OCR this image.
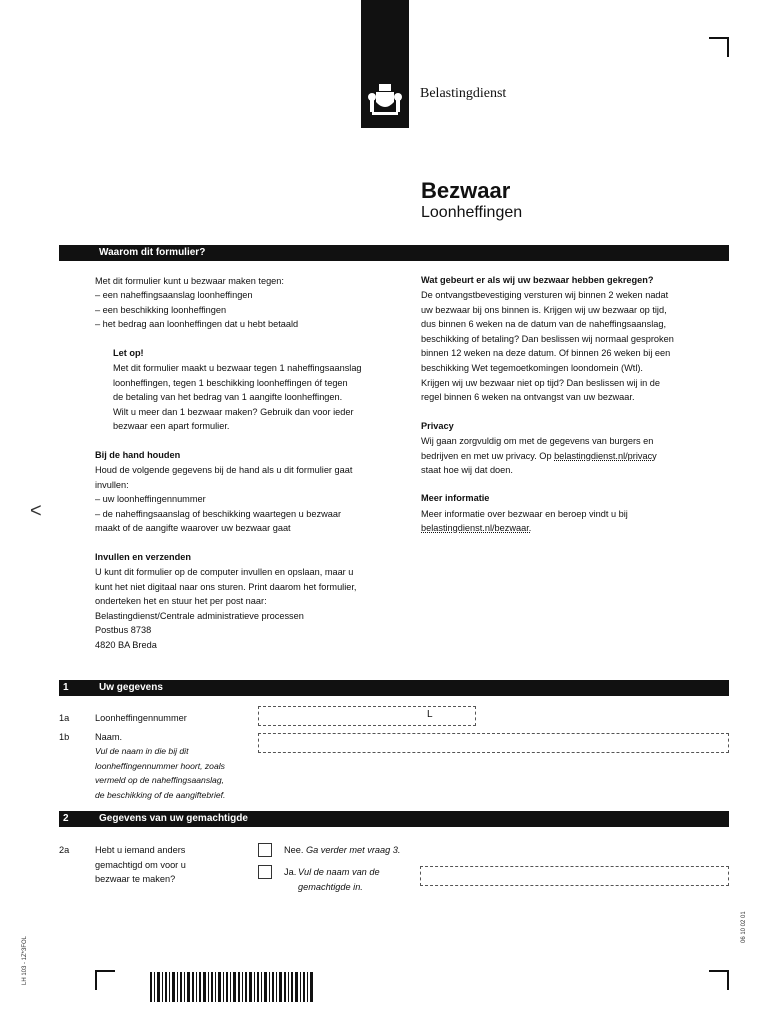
Belastingdienst
<
Bezwaar
Loonheffingen
Waarom dit formulier?
Met dit formulier kunt u bezwaar maken tegen:
– een naheffingsaanslag loonheffingen
– een beschikking loonheffingen
– het bedrag aan loonheffingen dat u hebt betaald
Let op!
Met dit formulier maakt u bezwaar tegen 1 naheffingsaanslag
loonheffingen, tegen 1 beschikking loonheffingen óf tegen
de betaling van het bedrag van 1 aangifte loonheffingen.
Wilt u meer dan 1 bezwaar maken? Gebruik dan voor ieder
bezwaar een apart formulier.
Bij de hand houden
Houd de volgende gegevens bij de hand als u dit formulier gaat
invullen:
– uw loonheffingennummer
– de naheffingsaanslag of beschikking waartegen u bezwaar
maakt of de aangifte waarover uw bezwaar gaat
Invullen en verzenden
U kunt dit formulier op de computer invullen en opslaan, maar u
kunt het niet digitaal naar ons sturen. Print daarom het formulier,
onderteken het en stuur het per post naar:
Belastingdienst/Centrale administratieve processen
Postbus 8738
4820 BA Breda
Wat gebeurt er als wij uw bezwaar hebben gekregen?
De ontvangstbevestiging versturen wij binnen 2 weken nadat
uw bezwaar bij ons binnen is. Krijgen wij uw bezwaar op tijd,
dus binnen 6 weken na de datum van de naheffingsaanslag,
beschikking of betaling? Dan beslissen wij normaal gesproken
binnen 12 weken na deze datum. Of binnen 26 weken bij een
beschikking Wet tegemoetkomingen loondomein (Wtl).
Krijgen wij uw bezwaar niet op tijd? Dan beslissen wij in de
regel binnen 6 weken na ontvangst van uw bezwaar.
Privacy
Wij gaan zorgvuldig om met de gegevens van burgers en
bedrijven en met uw privacy. Op belastingdienst.nl/privacy
staat hoe wij dat doen.
Meer informatie
Meer informatie over bezwaar en beroep vindt u bij
belastingdienst.nl/bezwaar.
1	Uw gegevens
1a	Loonheffingennummer	L
1b	Naam.
Vul de naam in die bij dit
loonheffingennummer hoort, zoals
vermeld op de naheffingsaanslag,
de beschikking of de aangiftebrief.
2	Gegevens van uw gemachtigde
2a	Hebt u iemand anders
gemachtigd om voor u
bezwaar te maken?
Nee. Ga verder met vraag 3.
Ja. Vul de naam van de
gemachtigde in.
LH 103 - 1Z*3FOL
06 10 02 01
